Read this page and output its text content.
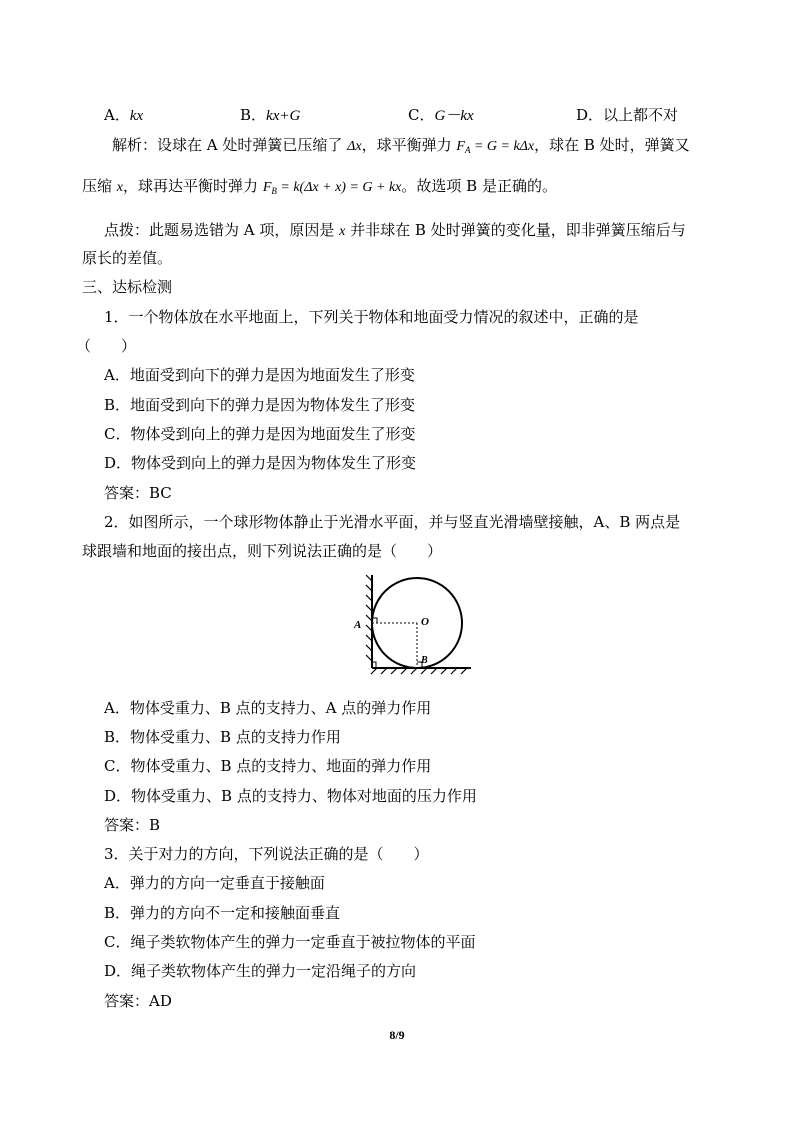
A．kx	B．kx+G	C．G－kx	D．以上都不对
解析：设球在 A 处时弹簧已压缩了 Δx，球平衡弹力 $F_A = G = k\Delta x$，球在 B 处时，弹簧又
压缩 x，球再达平衡时弹力 $F_B = k(\Delta x + x) = G$ + kx。故选项 B 是正确的。
点拨：此题易选错为 A 项，原因是 x 并非球在 B 处时弹簧的变化量，即非弹簧压缩后与
原长的差值。
三、达标检测
1．一个物体放在水平地面上，下列关于物体和地面受力情况的叙述中，正确的是
（　　）
A．地面受到向下的弹力是因为地面发生了形变
B．地面受到向下的弹力是因为物体发生了形变
C．物体受到向上的弹力是因为地面发生了形变
D．物体受到向上的弹力是因为物体发生了形变
答案：BC
2．如图所示，一个球形物体静止于光滑水平面，并与竖直光滑墙壁接触，A、B 两点是
球跟墙和地面的接出点，则下列说法正确的是（　　）
A	O
B
A．物体受重力、B 点的支持力、A 点的弹力作用
B．物体受重力、B 点的支持力作用
C．物体受重力、B 点的支持力、地面的弹力作用
D．物体受重力、B 点的支持力、物体对地面的压力作用
答案：B
3．关于对力的方向，下列说法正确的是（　　）
A．弹力的方向一定垂直于接触面
B．弹力的方向不一定和接触面垂直
C．绳子类软物体产生的弹力一定垂直于被拉物体的平面
D．绳子类软物体产生的弹力一定沿绳子的方向
答案：AD
8/9
